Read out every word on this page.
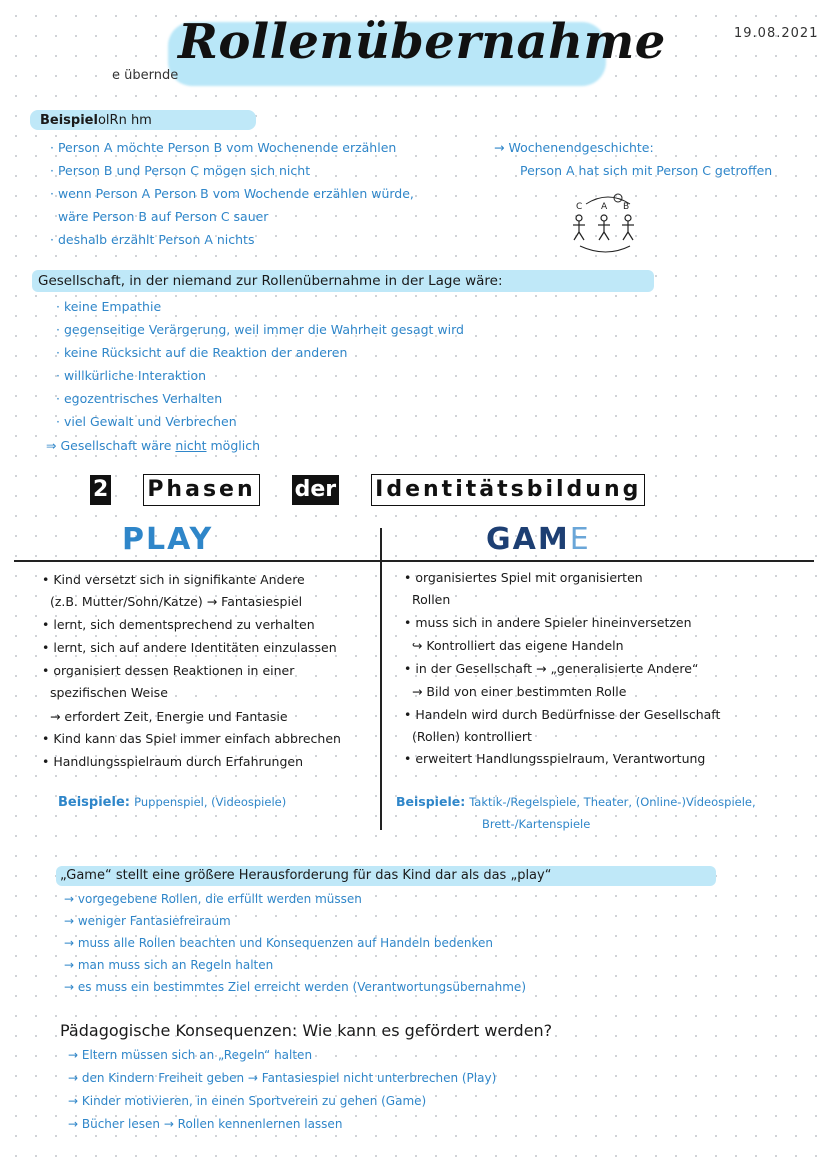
e übernde
Rollenübernahme	19.08.2021
BeispielolRn hm
· Person A möchte Person B vom Wochenende erzählen
· Person B und Person C mögen sich nicht
· wenn Person A Person B vom Wochende erzählen würde,
wäre Person B auf Person C sauer
· deshalb erzählt Person A nichts
→ Wochenendgeschichte:
Person A hat sich mit Person C getroffen
C A B
Gesellschaft, in der niemand zur Rollenübernahme in der Lage wäre:
· keine Empathie
· gegenseitige Verärgerung, weil immer die Wahrheit gesagt wird
· keine Rücksicht auf die Reaktion der anderen
· willkürliche Interaktion
· egozentrisches Verhalten
· viel Gewalt und Verbrechen
⇒ Gesellschaft wäre nicht möglich
2 Phasen der Identitätsbildung
PLAY	GAME
• Kind versetzt sich in signifikante Andere
(z.B. Mutter/Sohn/Katze) → Fantasiespiel
• lernt, sich dementsprechend zu verhalten
• lernt, sich auf andere Identitäten einzulassen
• organisiert dessen Reaktionen in einer
spezifischen Weise
→ erfordert Zeit, Energie und Fantasie
• Kind kann das Spiel immer einfach abbrechen
• Handlungsspielraum durch Erfahrungen
Beispiele: Puppenspiel, (Videospiele)
• organisiertes Spiel mit organisierten
Rollen
• muss sich in andere Spieler hineinversetzen
↪ Kontrolliert das eigene Handeln
• in der Gesellschaft → „generalisierte Andere“
→ Bild von einer bestimmten Rolle
• Handeln wird durch Bedürfnisse der Gesellschaft
(Rollen) kontrolliert
• erweitert Handlungsspielraum, Verantwortung
Beispiele: Taktik-/Regelspiele, Theater, (Online-)Videospiele,
Brett-/Kartenspiele
„Game“ stellt eine größere Herausforderung für das Kind dar als das „play“
→ vorgegebene Rollen, die erfüllt werden müssen
→ weniger Fantasiefreiraum
→ muss alle Rollen beachten und Konsequenzen auf Handeln bedenken
→ man muss sich an Regeln halten
→ es muss ein bestimmtes Ziel erreicht werden (Verantwortungsübernahme)
Pädagogische Konsequenzen: Wie kann es gefördert werden?
→ Eltern müssen sich an „Regeln“ halten
→ den Kindern Freiheit geben → Fantasiespiel nicht unterbrechen (Play)
→ Kinder motivieren, in einen Sportverein zu gehen (Game)
→ Bücher lesen → Rollen kennenlernen lassen
